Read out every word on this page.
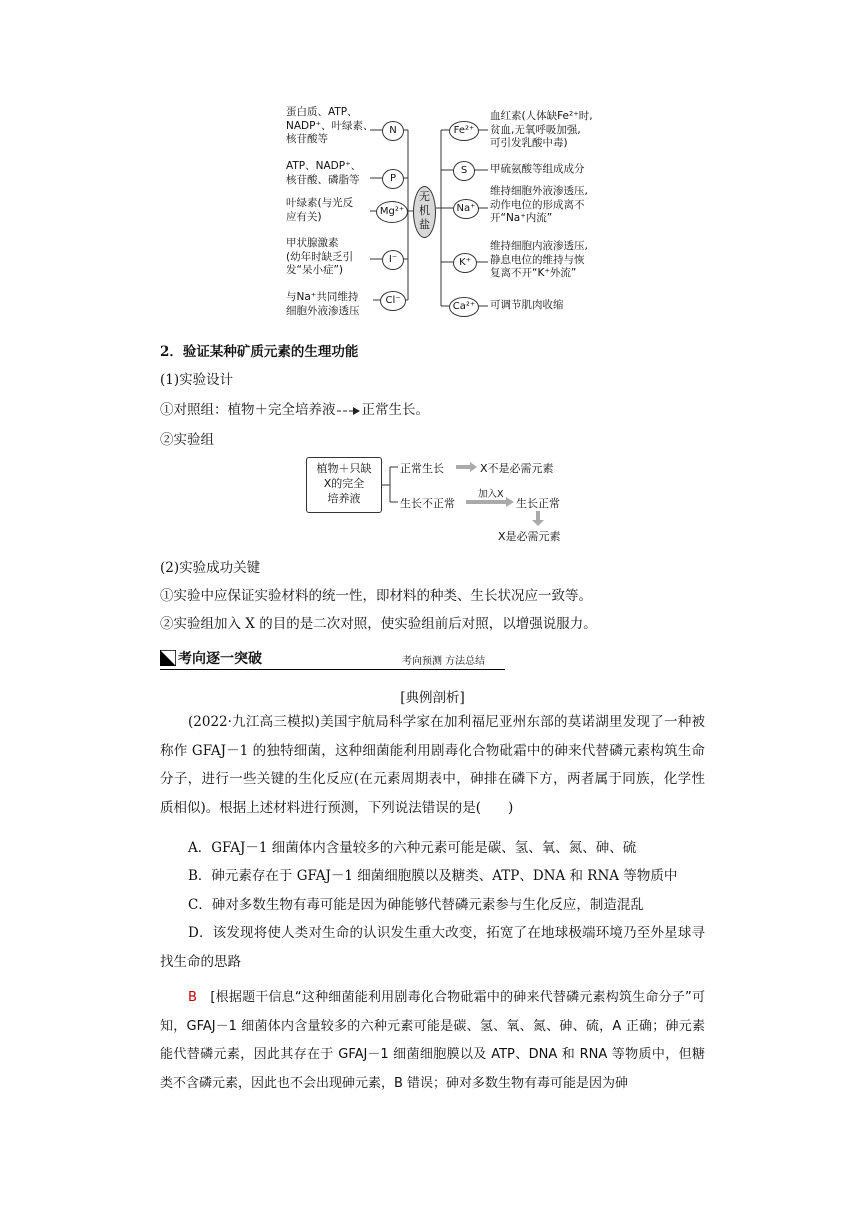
无机盐
N
P
Mg²⁺
I⁻
Cl⁻
蛋白质、ATP、
NADP⁺、叶绿素、
核苷酸等
ATP、NADP⁺、
核苷酸、磷脂等
叶绿素(与光反
应有关)
甲状腺激素
(幼年时缺乏引
发“呆小症”)
与Na⁺共同维持
细胞外液渗透压
Fe²⁺
S
Na⁺
K⁺
Ca²⁺
血红素(人体缺Fe²⁺时,
贫血,无氧呼吸加强,
可引发乳酸中毒)
甲硫氨酸等组成成分
维持细胞外液渗透压,
动作电位的形成离不
开“Na⁺内流”
维持细胞内液渗透压,
静息电位的维持与恢
复离不开“K⁺外流”
可调节肌肉收缩
2．验证某种矿质元素的生理功能
(1)实验设计
①对照组：植物＋完全培养液 正常生长。
②实验组
植物＋只缺
X的完全
培养液
正常生长	X不是必需元素
生长不正常
加入X
生长正常
X是必需元素
(2)实验成功关键
①实验中应保证实验材料的统一性，即材料的种类、生长状况应一致等。
②实验组加入 X 的目的是二次对照，使实验组前后对照，以增强说服力。
考向逐一突破	考向预测 方法总结
[典例剖析]

(2022·九江高三模拟)美国宇航局科学家在加利福尼亚州东部的莫诺湖里发现了一种被称作 GFAJ－1 的独特细菌，这种细菌能利用剧毒化合物砒霜中的砷来代替磷元素构筑生命分子，进行一些关键的生化反应(在元素周期表中，砷排在磷下方，两者属于同族，化学性质相似)。根据上述材料进行预测，下列说法错误的是(　　)

A．GFAJ－1 细菌体内含量较多的六种元素可能是碳、氢、氧、氮、砷、硫

B．砷元素存在于 GFAJ－1 细菌细胞膜以及糖类、ATP、DNA 和 RNA 等物质中

C．砷对多数生物有毒可能是因为砷能够代替磷元素参与生化反应，制造混乱

D．该发现将使人类对生命的认识发生重大改变，拓宽了在地球极端环境乃至外星球寻找生命的思路

B　 [根据题干信息“这种细菌能利用剧毒化合物砒霜中的砷来代替磷元素构筑生命分子”可知，GFAJ－1 细菌体内含量较多的六种元素可能是碳、氢、氧、氮、砷、硫，A 正确；砷元素能代替磷元素，因此其存在于 GFAJ－1 细菌细胞膜以及 ATP、DNA 和 RNA 等物质中，但糖类不含磷元素，因此也不会出现砷元素，B 错误；砷对多数生物有毒可能是因为砷
